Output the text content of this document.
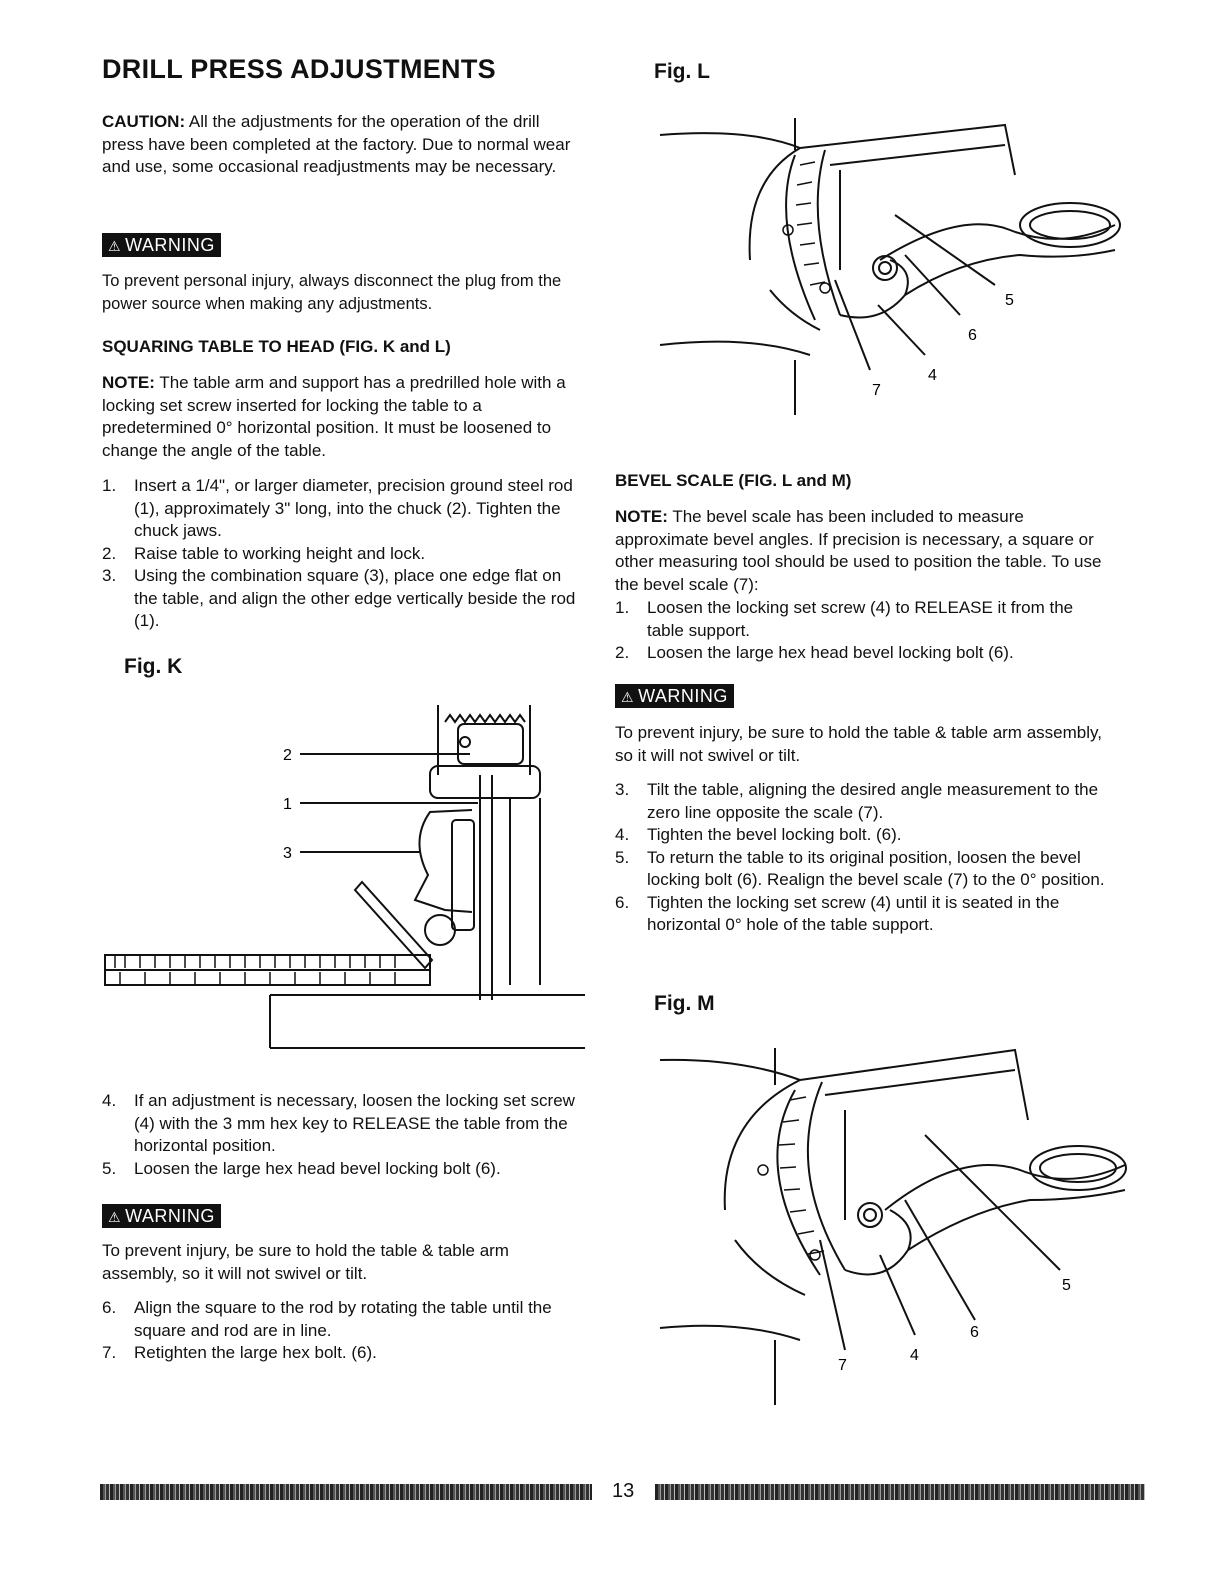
DRILL PRESS ADJUSTMENTS
CAUTION: All the adjustments for the operation of the drill press have been completed at the factory. Due to normal wear and use, some occasional readjustments may be necessary.
⚠ WARNING
To prevent personal injury, always disconnect the plug from the power source when making any adjustments.
SQUARING TABLE TO HEAD (FIG. K and L)
NOTE: The table arm and support has a predrilled hole with a locking set screw inserted for locking the table to a predetermined 0° horizontal position. It must be loosened to change the angle of the table.
1. Insert a 1/4", or larger diameter, precision ground steel rod (1), approximately 3" long, into the chuck (2). Tighten the chuck jaws.
2. Raise table to working height and lock.
3. Using the combination square (3), place one edge flat on the table, and align the other edge vertically beside the rod (1).
Fig. K
2
1
3
4. If an adjustment is necessary, loosen the locking set screw (4) with the 3 mm hex key to RELEASE the table from the horizontal position.
5. Loosen the large hex head bevel locking bolt (6).
⚠ WARNING
To prevent injury, be sure to hold the table & table arm assembly, so it will not swivel or tilt.
6. Align the square to the rod by rotating the table until the square and rod are in line.
7. Retighten the large hex bolt. (6).
Fig. L
5
6
4
7
BEVEL SCALE (FIG. L and M)
NOTE: The bevel scale has been included to measure approximate bevel angles. If precision is necessary, a square or other measuring tool should be used to position the table. To use the bevel scale (7):
1. Loosen the locking set screw (4) to RELEASE it from the table support.
2. Loosen the large hex head bevel locking bolt (6).
⚠ WARNING
To prevent injury, be sure to hold the table & table arm assembly, so it will not swivel or tilt.
3. Tilt the table, aligning the desired angle measurement to the zero line opposite the scale (7).
4. Tighten the bevel locking bolt. (6).
5. To return the table to its original position, loosen the bevel locking bolt (6). Realign the bevel scale (7) to the 0° position.
6. Tighten the locking set screw (4) until it is seated in the horizontal 0° hole of the table support.
Fig. M
5
6
4
7
13
